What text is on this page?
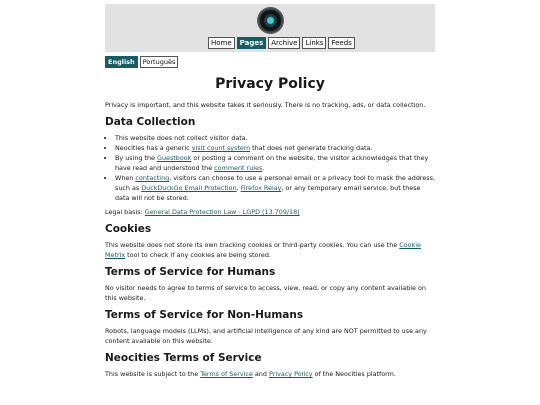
Home	Pages	Archive	Links	Feeds
English	Português
Privacy Policy

Privacy is important, and this website takes it seriously. There is no tracking, ads, or data collection.

Data Collection
• This website does not collect visitor data.
• Neocities has a generic visit count system that does not generate tracking data.
• By using the Guestbook or posting a comment on the website, the visitor acknowledges that they have read and understood the comment rules.
• When contacting, visitors can choose to use a personal email or a privacy tool to mask the address, such as DuckDuckGo Email Protection, Firefox Relay, or any temporary email service, but these data will not be stored.

Legal basis: General Data Protection Law - LGPD (13.709/18)

Cookies

This website does not store its own tracking cookies or third-party cookies. You can use the Cookie Metrix tool to check if any cookies are being stored.

Terms of Service for Humans

No visitor needs to agree to terms of service to access, view, read, or copy any content available on this website.

Terms of Service for Non-Humans

Robots, language models (LLMs), and artificial intelligence of any kind are NOT permitted to use any content available on this website.

Neocities Terms of Service

This website is subject to the Terms of Service and Privacy Policy of the Neocities platform.
